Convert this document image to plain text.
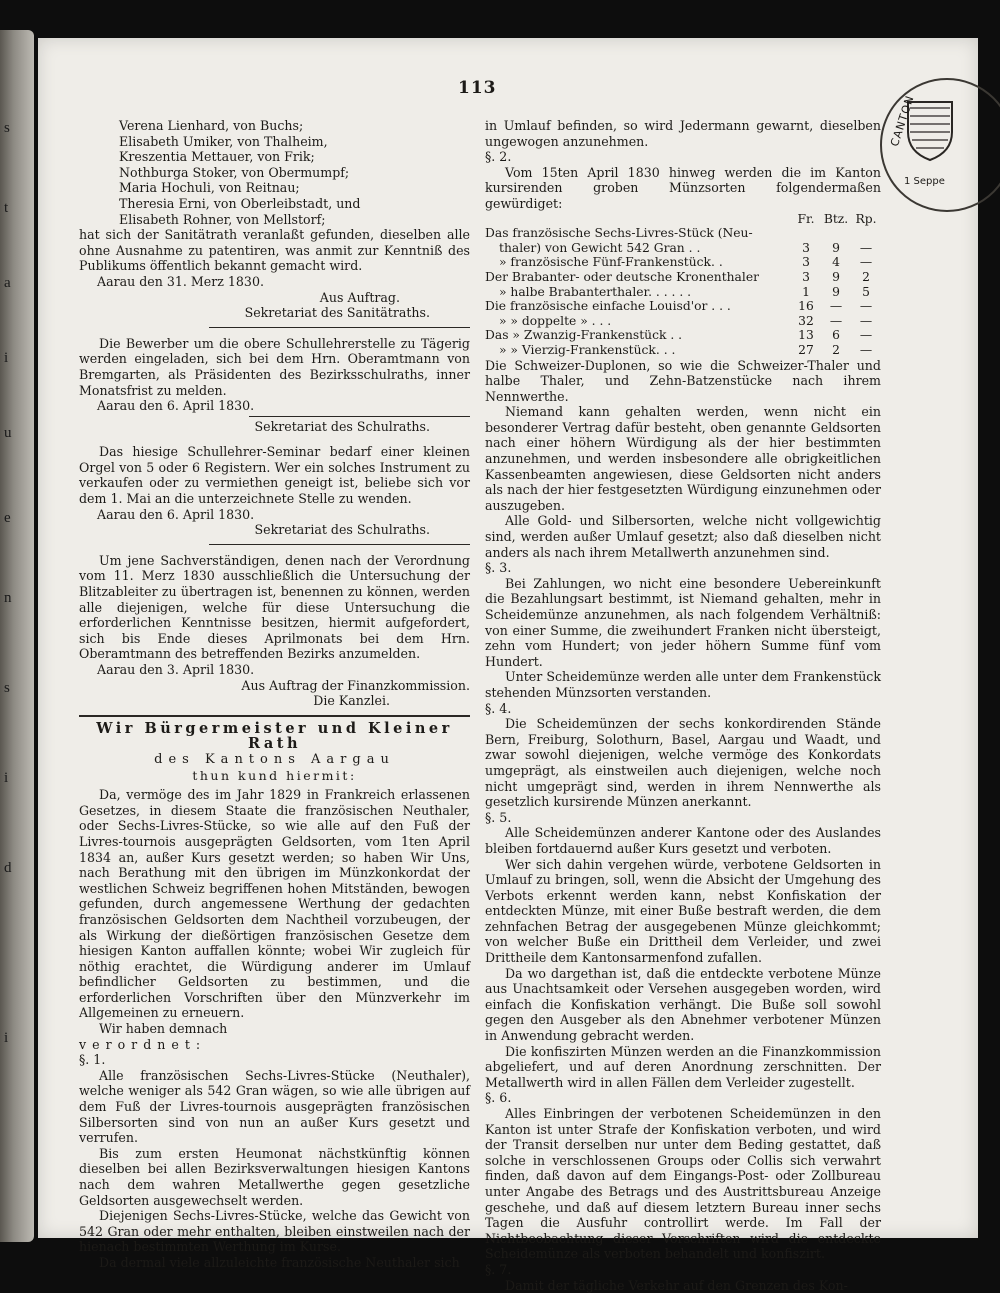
s
t
a
i
u
e
n
s
i
d
i
113
CANTON
1 Seppe

Verena Lienhard, von Buchs;

Elisabeth Umiker, von Thalheim,

Kreszentia Mettauer, von Frik;

Nothburga Stoker, von Obermumpf;

Maria Hochuli, von Reitnau;

Theresia Erni, von Oberleibstadt, und

Elisabeth Rohner, von Mellstorf;

hat sich der Sanitätrath veranlaßt gefunden, dieselben alle ohne Ausnahme zu patentiren, was anmit zur Kenntniß des Publikums öffentlich bekannt gemacht wird.

Aarau den 31. Merz 1830.

Aus Auftrag.

Sekretariat des Sanitätraths.

Die Bewerber um die obere Schullehrerstelle zu Tägerig werden eingeladen, sich bei dem Hrn. Oberamtmann von Bremgarten, als Präsidenten des Bezirksschulraths, inner Monatsfrist zu melden.

Aarau den 6. April 1830.

Sekretariat des Schulraths.

Das hiesige Schullehrer-Seminar bedarf einer kleinen Orgel von 5 oder 6 Registern. Wer ein solches Instrument zu verkaufen oder zu vermiethen geneigt ist, beliebe sich vor dem 1. Mai an die unterzeichnete Stelle zu wenden.

Aarau den 6. April 1830.

Sekretariat des Schulraths.

Um jene Sachverständigen, denen nach der Verordnung vom 11. Merz 1830 ausschließlich die Untersuchung der Blitzableiter zu übertragen ist, benennen zu können, werden alle diejenigen, welche für diese Untersuchung die erforderlichen Kenntnisse besitzen, hiermit aufgefordert, sich bis Ende dieses Aprilmonats bei dem Hrn. Oberamtmann des betreffenden Bezirks anzumelden.

Aarau den 3. April 1830.

Aus Auftrag der Finanzkommission.

Die Kanzlei.

Wir Bürgermeister und Kleiner Rath
des Kantons Aargau
thun kund hiermit:

Da, vermöge des im Jahr 1829 in Frankreich erlassenen Gesetzes, in diesem Staate die französischen Neuthaler, oder Sechs-Livres-Stücke, so wie alle auf den Fuß der Livres-tournois ausgeprägten Geldsorten, vom 1ten April 1834 an, außer Kurs gesetzt werden; so haben Wir Uns, nach Berathung mit den übrigen im Münzkonkordat der westlichen Schweiz begriffenen hohen Mitständen, bewogen gefunden, durch angemessene Werthung der gedachten französischen Geldsorten dem Nachtheil vorzubeugen, der als Wirkung der dießörtigen französischen Gesetze dem hiesigen Kanton auffallen könnte; wobei Wir zugleich für nöthig erachtet, die Würdigung anderer im Umlauf befindlicher Geldsorten zu bestimmen, und die erforderlichen Vorschriften über den Münzverkehr im Allgemeinen zu erneuern.

Wir haben demnach

verordnet:

§. 1.

Alle französischen Sechs-Livres-Stücke (Neuthaler), welche weniger als 542 Gran wägen, so wie alle übrigen auf dem Fuß der Livres-tournois ausgeprägten französischen Silbersorten sind von nun an außer Kurs gesetzt und verrufen.

Bis zum ersten Heumonat nächstkünftig können dieselben bei allen Bezirksverwaltungen hiesigen Kantons nach dem wahren Metallwerthe gegen gesetzliche Geldsorten ausgewechselt werden.

Diejenigen Sechs-Livres-Stücke, welche das Gewicht von 542 Gran oder mehr enthalten, bleiben einstweilen nach der hienach bestimmten Werthung im Kurse.

Da dermal viele allzuleichte französische Neuthaler sich

in Umlauf befinden, so wird Jedermann gewarnt, dieselben ungewogen anzunehmen.

§. 2.

Vom 15ten April 1830 hinweg werden die im Kanton kursirenden groben Münzsorten folgendermaßen gewürdiget:

	Fr.	Btz.	Rp.
Das französische Sechs-Livres-Stück (Neu-			
thaler) von Gewicht 542 Gran . .	3	9	—
» französische Fünf-Frankenstück. .	3	4	—
Der Brabanter- oder deutsche Kronenthaler	3	9	2
» halbe Brabanterthaler. . . . . .	1	9	5
Die französische einfache Louisd'or . . .	16	—	—
» » doppelte » . . .	32	—	—
Das » Zwanzig-Frankenstück . .	13	6	—
» » Vierzig-Frankenstück. . .	27	2	—

Die Schweizer-Duplonen, so wie die Schweizer-Thaler und halbe Thaler, und Zehn-Batzenstücke nach ihrem Nennwerthe.

Niemand kann gehalten werden, wenn nicht ein besonderer Vertrag dafür besteht, oben genannte Geldsorten nach einer höhern Würdigung als der hier bestimmten anzunehmen, und werden insbesondere alle obrigkeitlichen Kassenbeamten angewiesen, diese Geldsorten nicht anders als nach der hier festgesetzten Würdigung einzunehmen oder auszugeben.

Alle Gold- und Silbersorten, welche nicht vollgewichtig sind, werden außer Umlauf gesetzt; also daß dieselben nicht anders als nach ihrem Metallwerth anzunehmen sind.

§. 3.

Bei Zahlungen, wo nicht eine besondere Uebereinkunft die Bezahlungsart bestimmt, ist Niemand gehalten, mehr in Scheidemünze anzunehmen, als nach folgendem Verhältniß: von einer Summe, die zweihundert Franken nicht übersteigt, zehn vom Hundert; von jeder höhern Summe fünf vom Hundert.

Unter Scheidemünze werden alle unter dem Frankenstück stehenden Münzsorten verstanden.

§. 4.

Die Scheidemünzen der sechs konkordirenden Stände Bern, Freiburg, Solothurn, Basel, Aargau und Waadt, und zwar sowohl diejenigen, welche vermöge des Konkordats umgeprägt, als einstweilen auch diejenigen, welche noch nicht umgeprägt sind, werden in ihrem Nennwerthe als gesetzlich kursirende Münzen anerkannt.

§. 5.

Alle Scheidemünzen anderer Kantone oder des Auslandes bleiben fortdauernd außer Kurs gesetzt und verboten.

Wer sich dahin vergehen würde, verbotene Geldsorten in Umlauf zu bringen, soll, wenn die Absicht der Umgehung des Verbots erkennt werden kann, nebst Konfiskation der entdeckten Münze, mit einer Buße bestraft werden, die dem zehnfachen Betrag der ausgegebenen Münze gleichkommt; von welcher Buße ein Drittheil dem Verleider, und zwei Drittheile dem Kantonsarmenfond zufallen.

Da wo dargethan ist, daß die entdeckte verbotene Münze aus Unachtsamkeit oder Versehen ausgegeben worden, wird einfach die Konfiskation verhängt. Die Buße soll sowohl gegen den Ausgeber als den Abnehmer verbotener Münzen in Anwendung gebracht werden.

Die konfiszirten Münzen werden an die Finanzkommission abgeliefert, und auf deren Anordnung zerschnitten. Der Metallwerth wird in allen Fällen dem Verleider zugestellt.

§. 6.

Alles Einbringen der verbotenen Scheidemünzen in den Kanton ist unter Strafe der Konfiskation verboten, und wird der Transit derselben nur unter dem Beding gestattet, daß solche in verschlossenen Groups oder Collis sich verwahrt finden, daß davon auf dem Eingangs-Post- oder Zollbureau unter Angabe des Betrags und des Austrittsbureau Anzeige geschehe, und daß auf diesem letztern Bureau inner sechs Tagen die Ausfuhr controllirt werde. Im Fall der Nichtbeobachtung dieser Vorschriften wird die entdeckte Scheidemünze als verboten behandelt und konfiszirt.

§. 7.

Damit der tägliche Verkehr auf den Grenzen des Kon-
